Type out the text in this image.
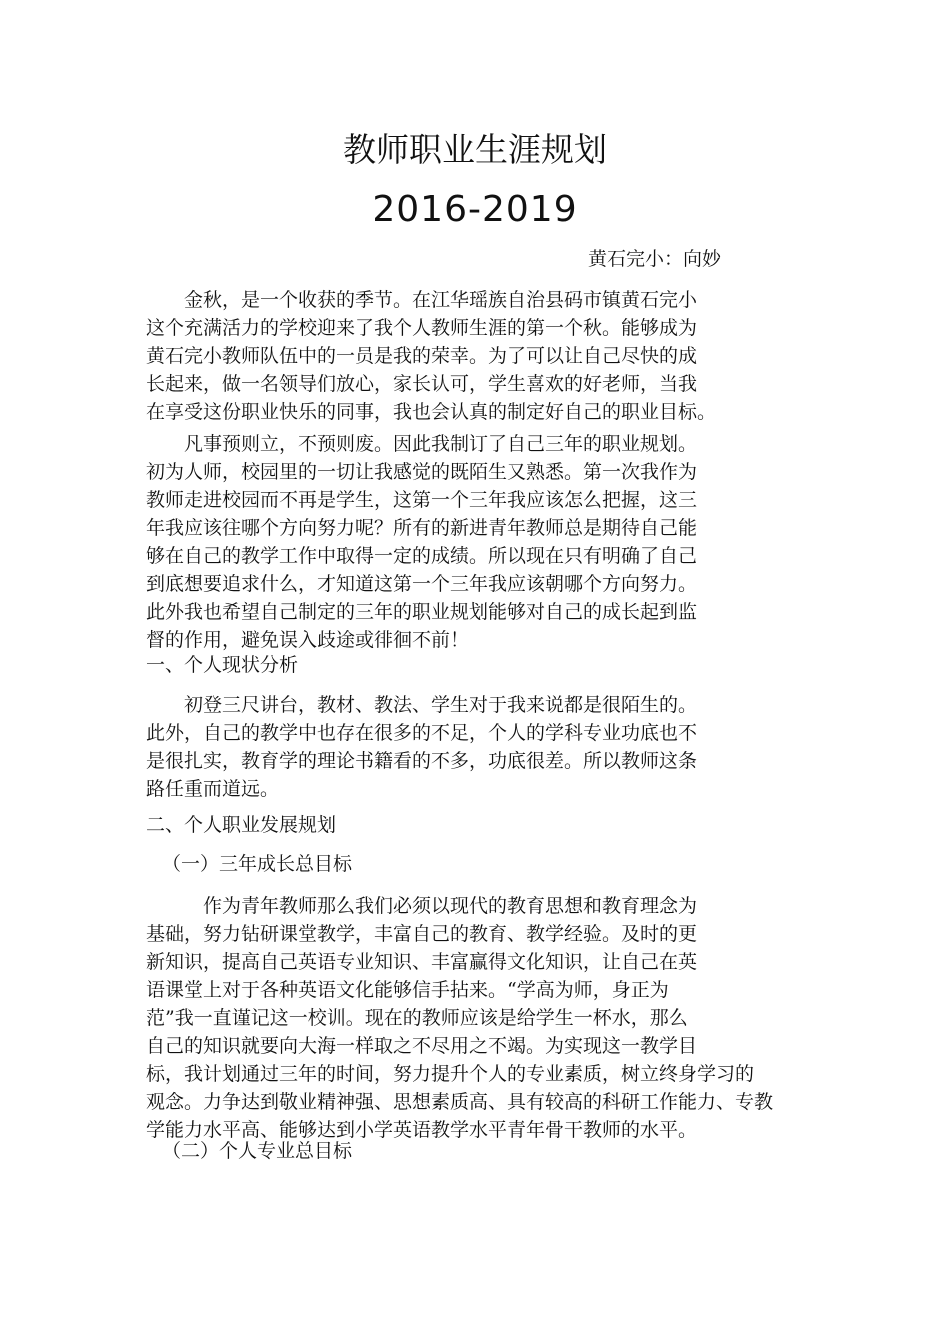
教师职业生涯规划
2016-2019
黄石完小：向妙
　　金秋，是一个收获的季节。在江华瑶族自治县码市镇黄石完小
这个充满活力的学校迎来了我个人教师生涯的第一个秋。能够成为
黄石完小教师队伍中的一员是我的荣幸。为了可以让自己尽快的成
长起来，做一名领导们放心，家长认可，学生喜欢的好老师，当我
在享受这份职业快乐的同事，我也会认真的制定好自己的职业目标。
　　凡事预则立，不预则废。因此我制订了自己三年的职业规划。
初为人师，校园里的一切让我感觉的既陌生又熟悉。第一次我作为
教师走进校园而不再是学生，这第一个三年我应该怎么把握，这三
年我应该往哪个方向努力呢？所有的新进青年教师总是期待自己能
够在自己的教学工作中取得一定的成绩。所以现在只有明确了自己
到底想要追求什么，才知道这第一个三年我应该朝哪个方向努力。
此外我也希望自己制定的三年的职业规划能够对自己的成长起到监
督的作用，避免误入歧途或徘徊不前！
一、个人现状分析
　　初登三尺讲台，教材、教法、学生对于我来说都是很陌生的。
此外，自己的教学中也存在很多的不足，个人的学科专业功底也不
是很扎实，教育学的理论书籍看的不多，功底很差。所以教师这条
路任重而道远。
二、个人职业发展规划
（一）三年成长总目标
　　　作为青年教师那么我们必须以现代的教育思想和教育理念为
基础，努力钻研课堂教学，丰富自己的教育、教学经验。及时的更
新知识，提高自己英语专业知识、丰富赢得文化知识，让自己在英
语课堂上对于各种英语文化能够信手拈来。“学高为师，身正为
范”我一直谨记这一校训。现在的教师应该是给学生一杯水，那么
自己的知识就要向大海一样取之不尽用之不竭。为实现这一教学目
标，我计划通过三年的时间，努力提升个人的专业素质，树立终身学习的
观念。力争达到敬业精神强、思想素质高、具有较高的科研工作能力、专教
学能力水平高、能够达到小学英语教学水平青年骨干教师的水平。
（二）个人专业总目标
